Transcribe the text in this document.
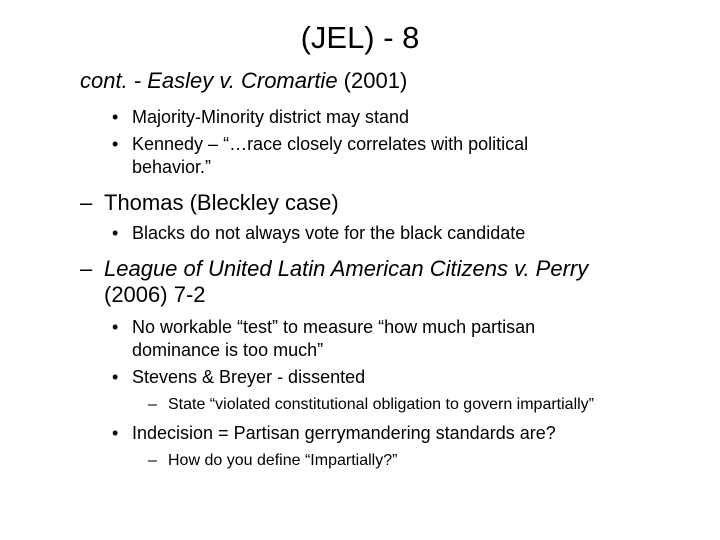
(JEL) - 8
cont. - Easley v. Cromartie (2001)
• Majority-Minority district may stand
• Kennedy – “…race closely correlates with political
behavior.”
– Thomas (Bleckley case)
• Blacks do not always vote for the black candidate
– League of United Latin American Citizens v. Perry
(2006) 7-2
• No workable “test” to measure “how much partisan
dominance is too much”
• Stevens & Breyer - dissented
– State “violated constitutional obligation to govern impartially”
• Indecision = Partisan gerrymandering standards are?
– How do you define “Impartially?”
